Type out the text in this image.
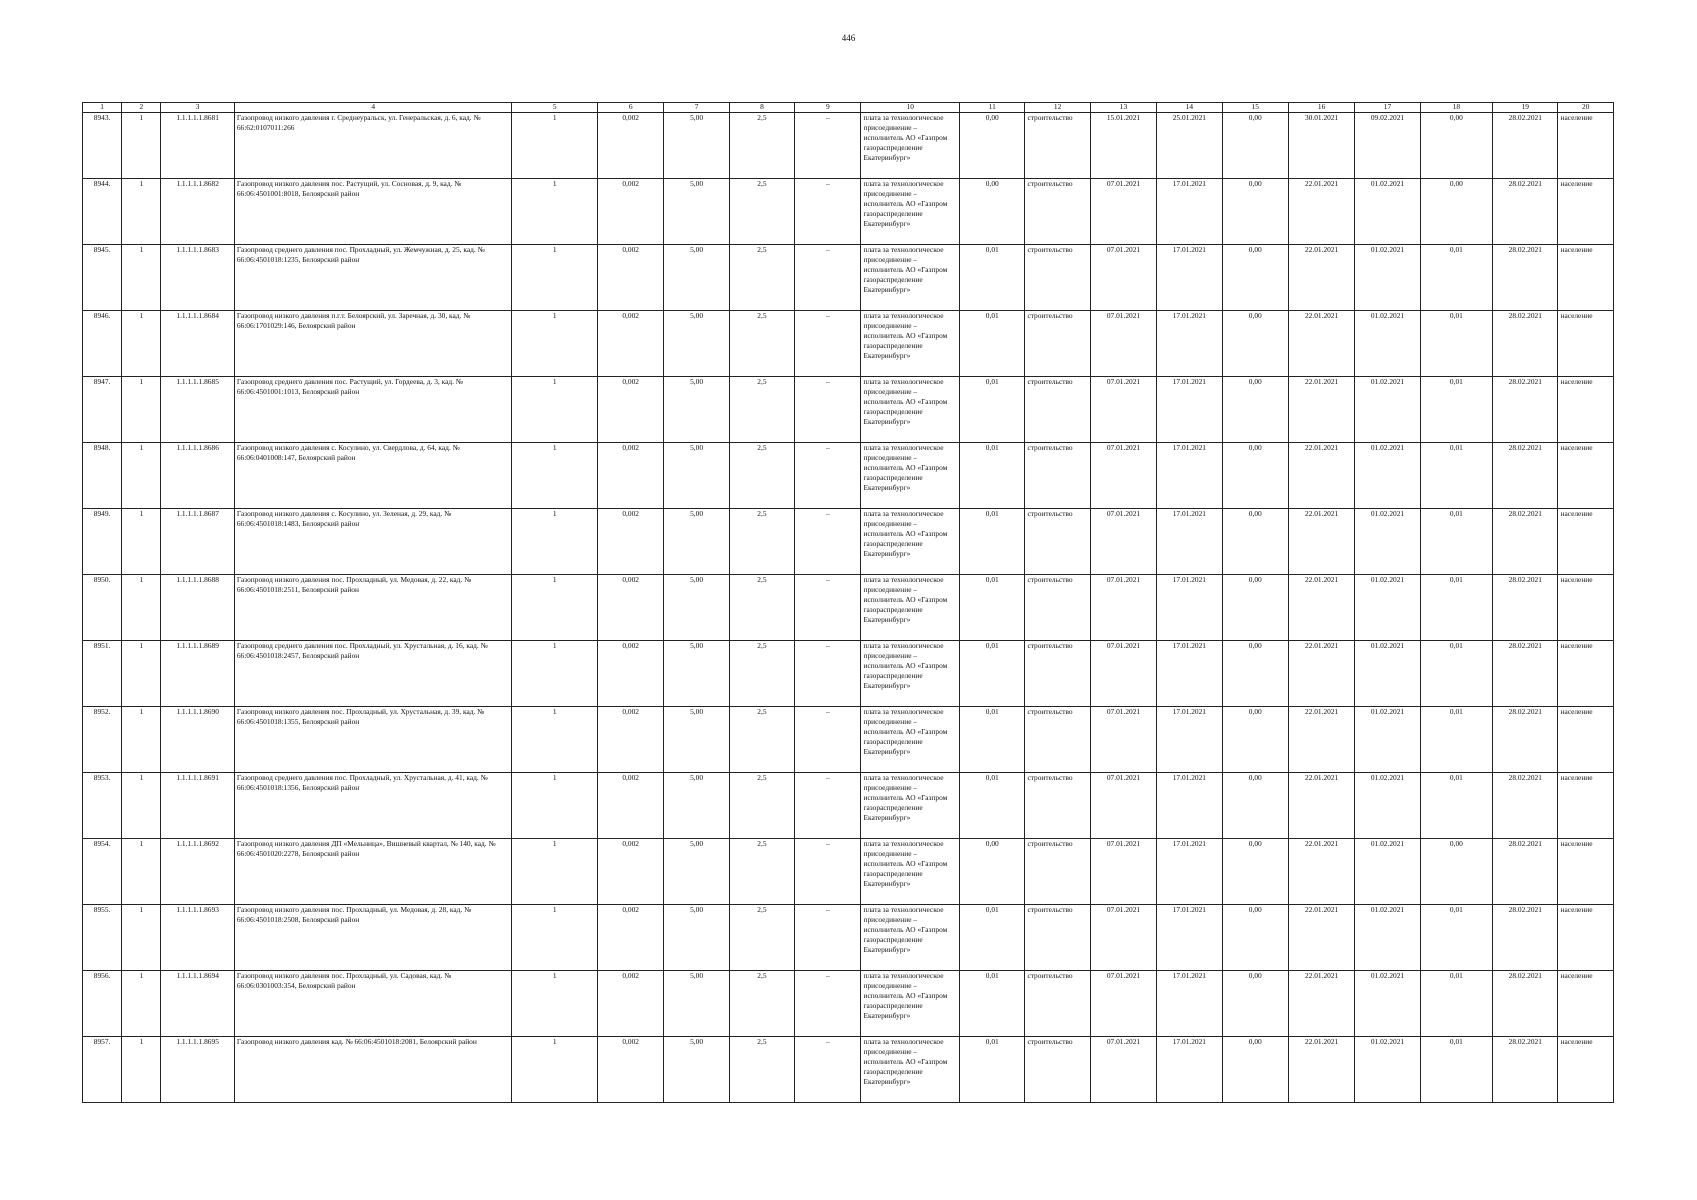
446
1	2	3	4	5	6	7	8	9	10	11	12	13	14	15	16	17	18	19	20
8943.	1	1.1.1.1.1.8681	Газопровод низкого давления г. Среднеуральск, ул. Генеральская, д. 6, кад. № 66:62:0107011:266	1	0,002	5,00	2,5	–	плата за технологическое присоединение – исполнитель АО «Газпром газораспределение Екатеринбург»	0,00	строительство	15.01.2021	25.01.2021	0,00	30.01.2021	09.02.2021	0,00	28.02.2021	население
8944.	1	1.1.1.1.1.8682	Газопровод низкого давления пос. Растущий, ул. Сосновая, д. 9, кад. № 66:06:4501001:8018, Белоярский район	1	0,002	5,00	2,5	–	плата за технологическое присоединение – исполнитель АО «Газпром газораспределение Екатеринбург»	0,00	строительство	07.01.2021	17.01.2021	0,00	22.01.2021	01.02.2021	0,00	28.02.2021	население
8945.	1	1.1.1.1.1.8683	Газопровод среднего давления пос. Прохладный, ул. Жемчужная, д. 25, кад. № 66:06:4501018:1235, Белоярский район	1	0,002	5,00	2,5	–	плата за технологическое присоединение – исполнитель АО «Газпром газораспределение Екатеринбург»	0,01	строительство	07.01.2021	17.01.2021	0,00	22.01.2021	01.02.2021	0,01	28.02.2021	население
8946.	1	1.1.1.1.1.8684	Газопровод низкого давления п.г.т. Белоярский, ул. Заречная, д. 30, кад. № 66:06:1701029:146, Белоярский район	1	0,002	5,00	2,5	–	плата за технологическое присоединение – исполнитель АО «Газпром газораспределение Екатеринбург»	0,01	строительство	07.01.2021	17.01.2021	0,00	22.01.2021	01.02.2021	0,01	28.02.2021	население
8947.	1	1.1.1.1.1.8685	Газопровод среднего давления пос. Растущий, ул. Гордеева, д. 3, кад. № 66:06:4501001:1013, Белоярский район	1	0,002	5,00	2,5	–	плата за технологическое присоединение – исполнитель АО «Газпром газораспределение Екатеринбург»	0,01	строительство	07.01.2021	17.01.2021	0,00	22.01.2021	01.02.2021	0,01	28.02.2021	население
8948.	1	1.1.1.1.1.8686	Газопровод низкого давления с. Косулино, ул. Свердлова, д. 64, кад. № 66:06:0401008:147, Белоярский район	1	0,002	5,00	2,5	–	плата за технологическое присоединение – исполнитель АО «Газпром газораспределение Екатеринбург»	0,01	строительство	07.01.2021	17.01.2021	0,00	22.01.2021	01.02.2021	0,01	28.02.2021	население
8949.	1	1.1.1.1.1.8687	Газопровод низкого давления с. Косулино, ул. Зеленая, д. 29, кад. № 66:06:4501018:1483, Белоярский район	1	0,002	5,00	2,5	–	плата за технологическое присоединение – исполнитель АО «Газпром газораспределение Екатеринбург»	0,01	строительство	07.01.2021	17.01.2021	0,00	22.01.2021	01.02.2021	0,01	28.02.2021	население
8950.	1	1.1.1.1.1.8688	Газопровод низкого давления пос. Прохладный, ул. Медовая, д. 22, кад. № 66:06:4501018:2511, Белоярский район	1	0,002	5,00	2,5	–	плата за технологическое присоединение – исполнитель АО «Газпром газораспределение Екатеринбург»	0,01	строительство	07.01.2021	17.01.2021	0,00	22.01.2021	01.02.2021	0,01	28.02.2021	население
8951.	1	1.1.1.1.1.8689	Газопровод среднего давления пос. Прохладный, ул. Хрустальная, д. 16, кад. № 66:06:4501018:2457, Белоярский район	1	0,002	5,00	2,5	–	плата за технологическое присоединение – исполнитель АО «Газпром газораспределение Екатеринбург»	0,01	строительство	07.01.2021	17.01.2021	0,00	22.01.2021	01.02.2021	0,01	28.02.2021	население
8952.	1	1.1.1.1.1.8690	Газопровод низкого давления пос. Прохладный, ул. Хрустальная, д. 39, кад. № 66:06:4501018:1355, Белоярский район	1	0,002	5,00	2,5	–	плата за технологическое присоединение – исполнитель АО «Газпром газораспределение Екатеринбург»	0,01	строительство	07.01.2021	17.01.2021	0,00	22.01.2021	01.02.2021	0,01	28.02.2021	население
8953.	1	1.1.1.1.1.8691	Газопровод среднего давления пос. Прохладный, ул. Хрустальная, д. 41, кад. № 66:06:4501018:1356, Белоярский район	1	0,002	5,00	2,5	–	плата за технологическое присоединение – исполнитель АО «Газпром газораспределение Екатеринбург»	0,01	строительство	07.01.2021	17.01.2021	0,00	22.01.2021	01.02.2021	0,01	28.02.2021	население
8954.	1	1.1.1.1.1.8692	Газопровод низкого давления ДП «Мельница», Вишневый квартал, № 140, кад. № 66:06:4501020:2278, Белоярский район	1	0,002	5,00	2,5	–	плата за технологическое присоединение – исполнитель АО «Газпром газораспределение Екатеринбург»	0,00	строительство	07.01.2021	17.01.2021	0,00	22.01.2021	01.02.2021	0,00	28.02.2021	население
8955.	1	1.1.1.1.1.8693	Газопровод низкого давления пос. Прохладный, ул. Медовая, д. 28, кад. № 66:06:4501018:2508, Белоярский район	1	0,002	5,00	2,5	–	плата за технологическое присоединение – исполнитель АО «Газпром газораспределение Екатеринбург»	0,01	строительство	07.01.2021	17.01.2021	0,00	22.01.2021	01.02.2021	0,01	28.02.2021	население
8956.	1	1.1.1.1.1.8694	Газопровод низкого давления пос. Прохладный, ул. Садовая, кад. № 66:06:0301003:354, Белоярский район	1	0,002	5,00	2,5	–	плата за технологическое присоединение – исполнитель АО «Газпром газораспределение Екатеринбург»	0,01	строительство	07.01.2021	17.01.2021	0,00	22.01.2021	01.02.2021	0,01	28.02.2021	население
8957.	1	1.1.1.1.1.8695	Газопровод низкого давления кад. № 66:06:4501018:2081, Белоярский район	1	0,002	5,00	2,5	–	плата за технологическое присоединение – исполнитель АО «Газпром газораспределение Екатеринбург»	0,01	строительство	07.01.2021	17.01.2021	0,00	22.01.2021	01.02.2021	0,01	28.02.2021	население
